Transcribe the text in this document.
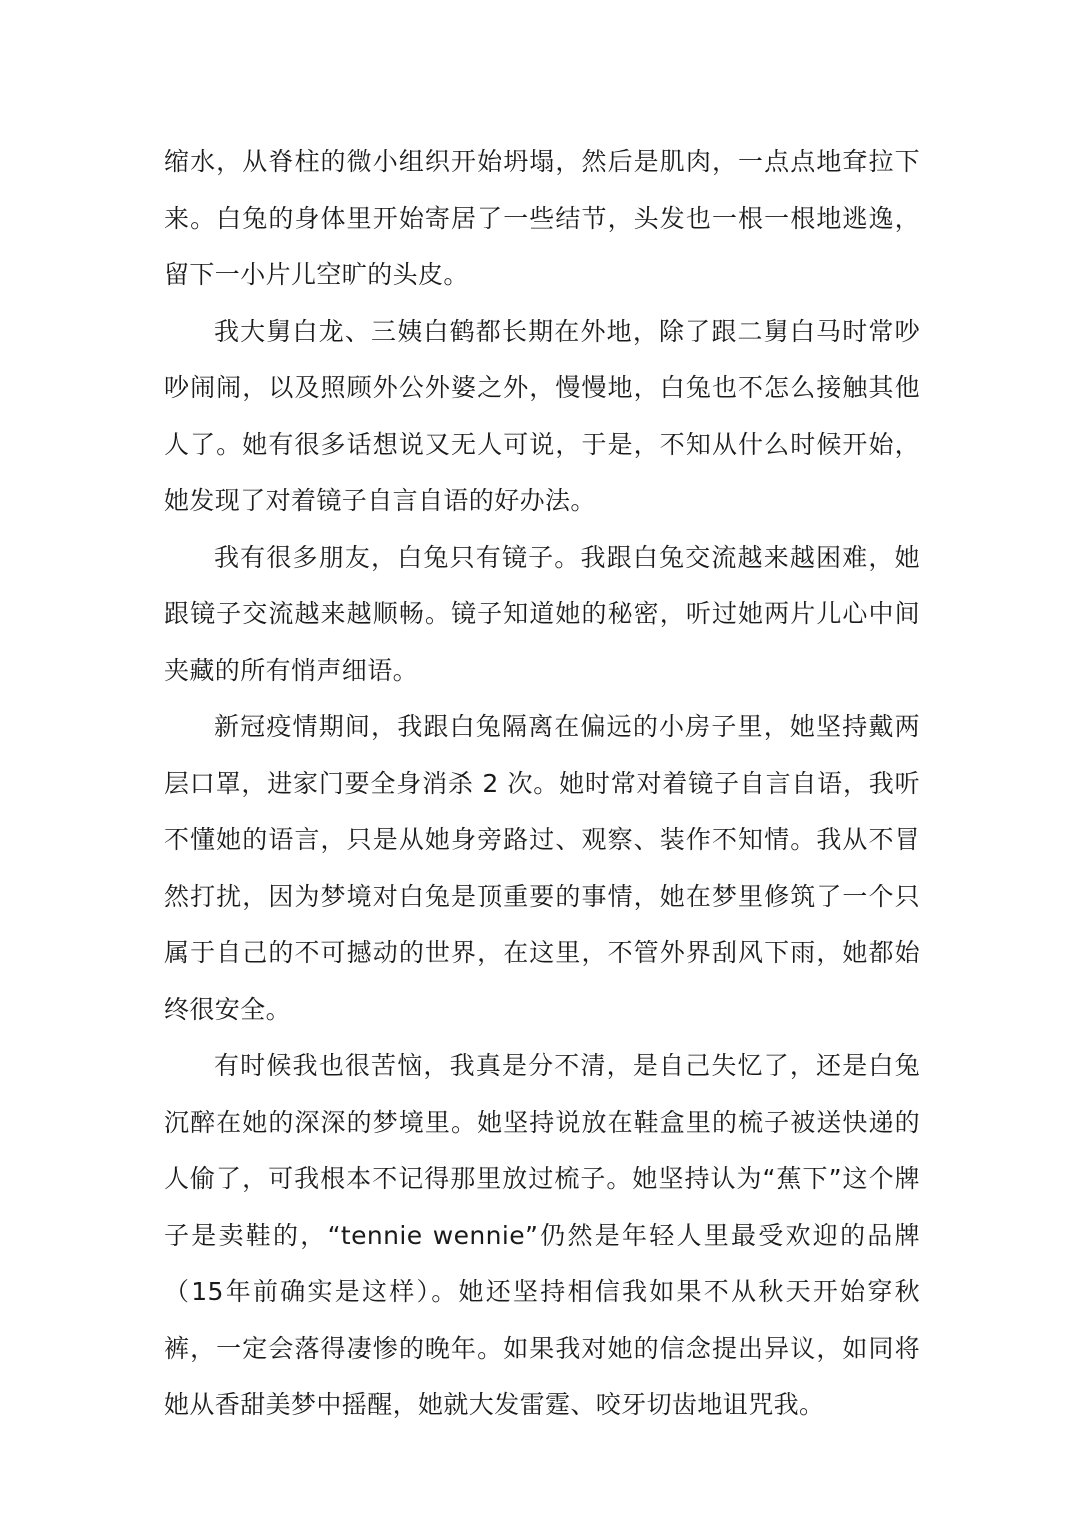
缩水，从脊柱的微小组织开始坍塌，然后是肌肉，一点点地耷拉下来。白兔的身体里开始寄居了一些结节，头发也一根一根地逃逸，留下一小片儿空旷的头皮。

我大舅白龙、三姨白鹤都长期在外地，除了跟二舅白马时常吵吵闹闹，以及照顾外公外婆之外，慢慢地，白兔也不怎么接触其他人了。她有很多话想说又无人可说，于是，不知从什么时候开始，她发现了对着镜子自言自语的好办法。

我有很多朋友，白兔只有镜子。我跟白兔交流越来越困难，她跟镜子交流越来越顺畅。镜子知道她的秘密，听过她两片儿心中间夹藏的所有悄声细语。

新冠疫情期间，我跟白兔隔离在偏远的小房子里，她坚持戴两层口罩，进家门要全身消杀 2 次。她时常对着镜子自言自语，我听不懂她的语言，只是从她身旁路过、观察、装作不知情。我从不冒然打扰，因为梦境对白兔是顶重要的事情，她在梦里修筑了一个只属于自己的不可撼动的世界，在这里，不管外界刮风下雨，她都始终很安全。

有时候我也很苦恼，我真是分不清，是自己失忆了，还是白兔沉醉在她的深深的梦境里。她坚持说放在鞋盒里的梳子被送快递的人偷了，可我根本不记得那里放过梳子。她坚持认为“蕉下”这个牌子是卖鞋的，“tennie wennie”仍然是年轻人里最受欢迎的品牌（15年前确实是这样）。她还坚持相信我如果不从秋天开始穿秋裤，一定会落得凄惨的晚年。如果我对她的信念提出异议，如同将她从香甜美梦中摇醒，她就大发雷霆、咬牙切齿地诅咒我。
